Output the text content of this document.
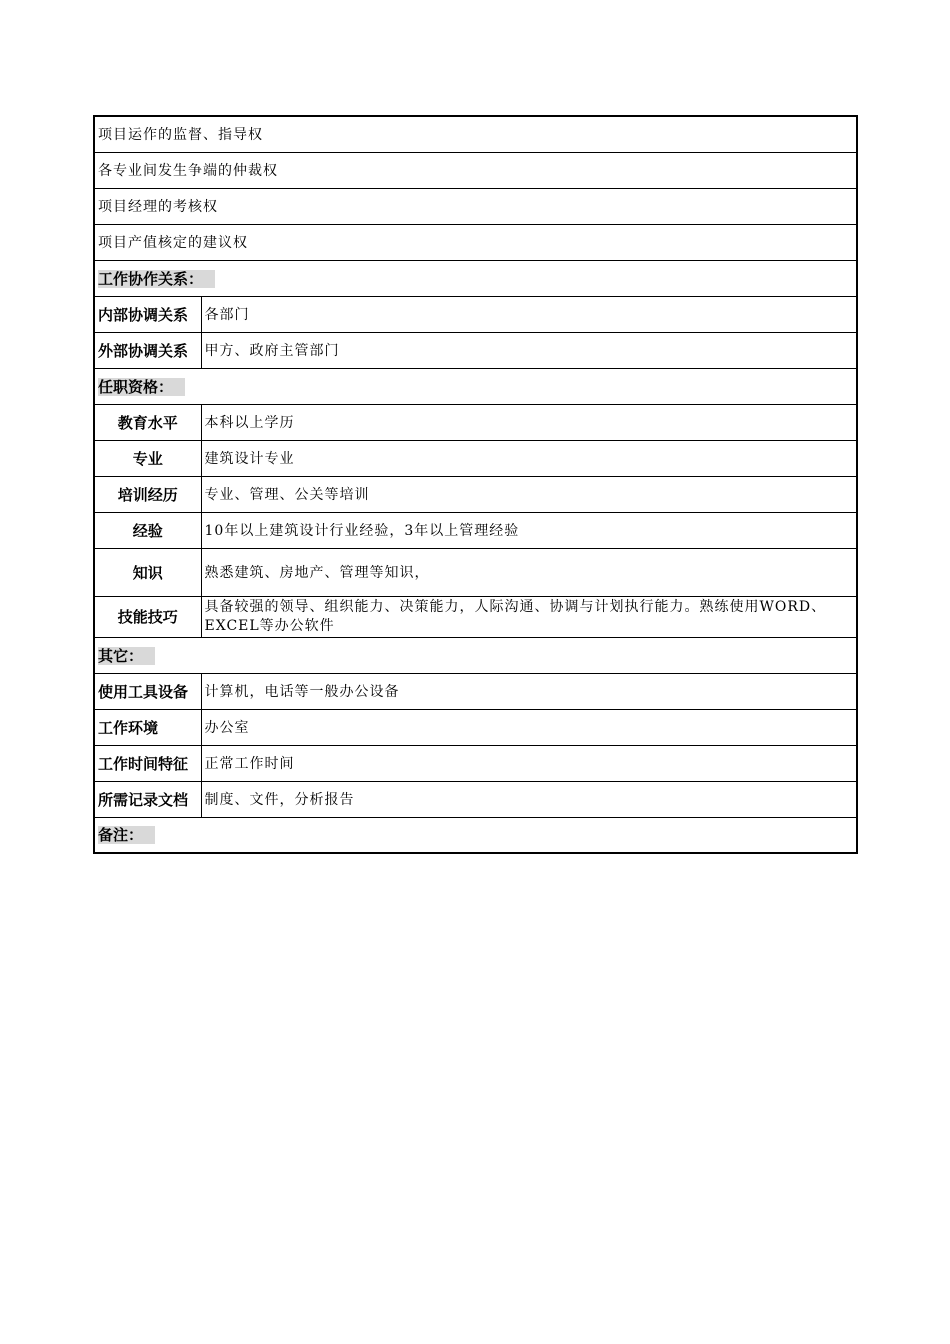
项目运作的监督、指导权	
各专业间发生争端的仲裁权	
项目经理的考核权	
项目产值核定的建议权	
工作协作关系：	
内部协调关系	各部门
外部协调关系	甲方、政府主管部门
任职资格：	
教育水平	本科以上学历
专业	建筑设计专业
培训经历	专业、管理、公关等培训
经验	10年以上建筑设计行业经验，3年以上管理经验
知识	熟悉建筑、房地产、管理等知识，
技能技巧	具备较强的领导、组织能力、决策能力，人际沟通、协调与计划执行能力。熟练使用WORD、EXCEL等办公软件
其它：	
使用工具设备	计算机，电话等一般办公设备
工作环境	办公室
工作时间特征	正常工作时间
所需记录文档	制度、文件，分析报告
备注：	
